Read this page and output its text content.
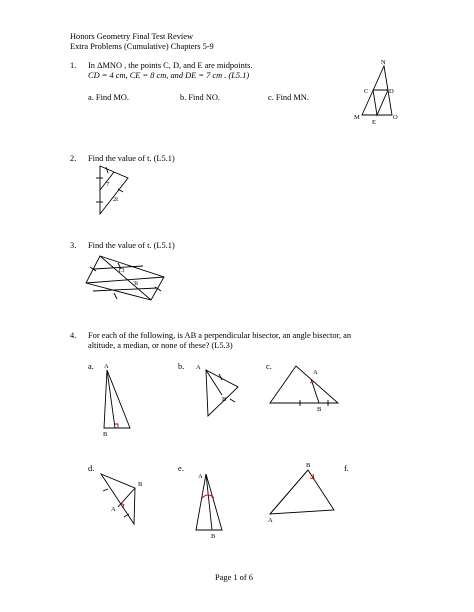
Honors Geometry Final Test Review
Extra Problems (Cumulative) Chapters 5-9
1. In ΔMNO , the points C, D, and E are midpoints.
CD = 4 cm, CE = 8 cm, and DE = 7 cm . (L5.1)
a. Find MO.	b. Find NO.	c. Find MN.
2. Find the value of t. (L5.1)
3. Find the value of t. (L5.1)
4. For each of the following, is AB a perpendicular bisector, an angle bisector, an
altitude, a median, or none of these? (L5.3)
a.	b.	c.
d.	e.	f.
Page 1 of 6
N
C	D
M
E
O
7
2t
13
3t
A
B
A
B
A
B
A
B
A
B
B
A
